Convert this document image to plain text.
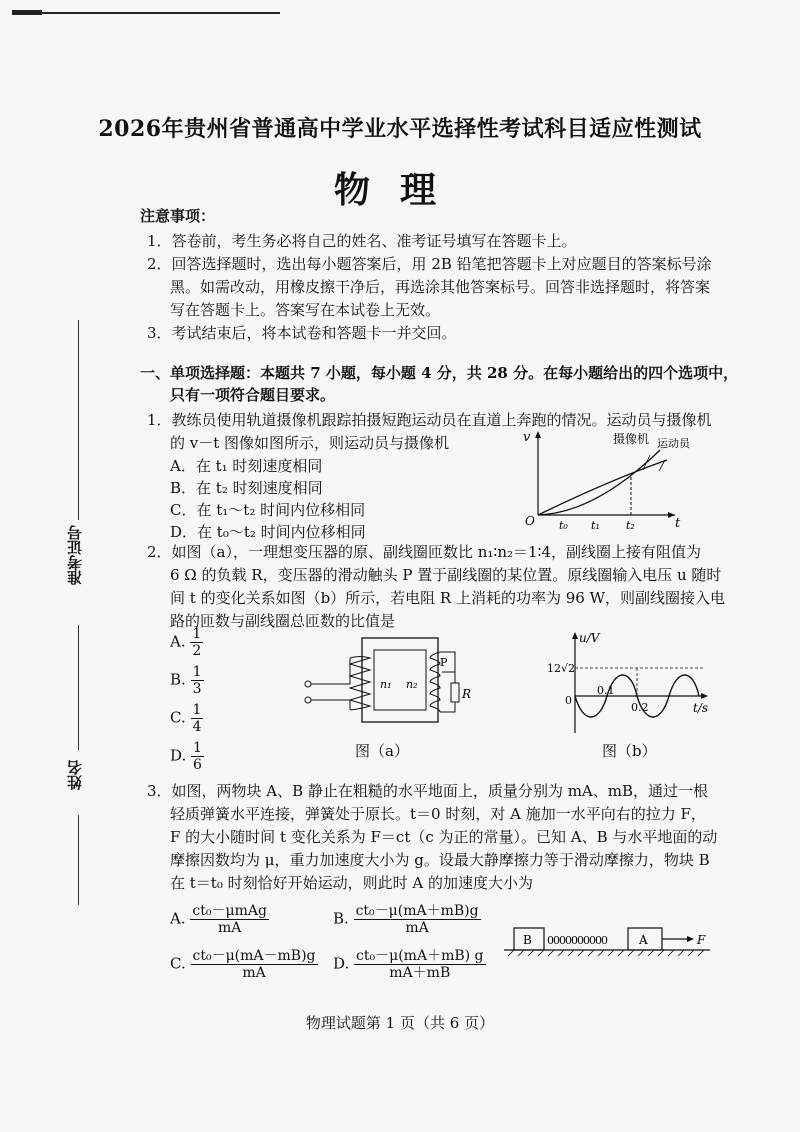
2026年贵州省普通高中学业水平选择性考试科目适应性测试
物理
准考证号
姓名
注意事项：
1．答卷前，考生务必将自己的姓名、准考证号填写在答题卡上。
2．回答选择题时，选出每小题答案后，用 2B 铅笔把答题卡上对应题目的答案标号涂
黑。如需改动，用橡皮擦干净后，再选涂其他答案标号。回答非选择题时，将答案
写在答题卡上。答案写在本试卷上无效。
3．考试结束后，将本试卷和答题卡一并交回。
一、单项选择题：本题共 7 小题，每小题 4 分，共 28 分。在每小题给出的四个选项中，
只有一项符合题目要求。
1．教练员使用轨道摄像机跟踪拍摄短跑运动员在直道上奔跑的情况。运动员与摄像机
的 v－t 图像如图所示，则运动员与摄像机
A．在 t₁ 时刻速度相同
B．在 t₂ 时刻速度相同
C．在 t₁～t₂ 时间内位移相同
D．在 t₀～t₂ 时间内位移相同
v
t
O
摄像机 运动员
t₀ t₁ t₂
2．如图（a），一理想变压器的原、副线圈匝数比 n₁∶n₂＝1∶4，副线圈上接有阻值为
6 Ω 的负载 R，变压器的滑动触头 P 置于副线圈的某位置。原线圈输入电压 u 随时
间 t 的变化关系如图（b）所示，若电阻 R 上消耗的功率为 96 W，则副线圈接入电
路的匝数与副线圈总匝数的比值是
A. $\frac{1}{2}$
B. $\frac{1}{3}$
C. $\frac{1}{4}$
D. $\frac{1}{6}$
n₁ n₂
R
P
图（a）
u/V
t/s
12√2
0
0.1
0.2
图（b）
3．如图，两物块 A、B 静止在粗糙的水平地面上，质量分别为 mA、mB，通过一根
轻质弹簧水平连接，弹簧处于原长。t＝0 时刻，对 A 施加一水平向右的拉力 F，
F 的大小随时间 t 变化关系为 F＝ct（c 为正的常量）。已知 A、B 与水平地面的动
摩擦因数均为 μ，重力加速度大小为 g。设最大静摩擦力等于滑动摩擦力，物块 B
在 t＝t₀ 时刻恰好开始运动，则此时 A 的加速度大小为
A. $\frac{\text{ct₀－μmAg}}{mA}$	B. $\frac{\text{ct₀－μ(mA＋mB)g}}{mA}$
C. $\frac{\text{ct₀－μ(mA－mB)g}}{mA} D$. $\frac{\text{ct₀－μ(mA＋mB) g}}{mA+mB}$
B 0000000000	A	F
物理试题第 1 页（共 6 页）
